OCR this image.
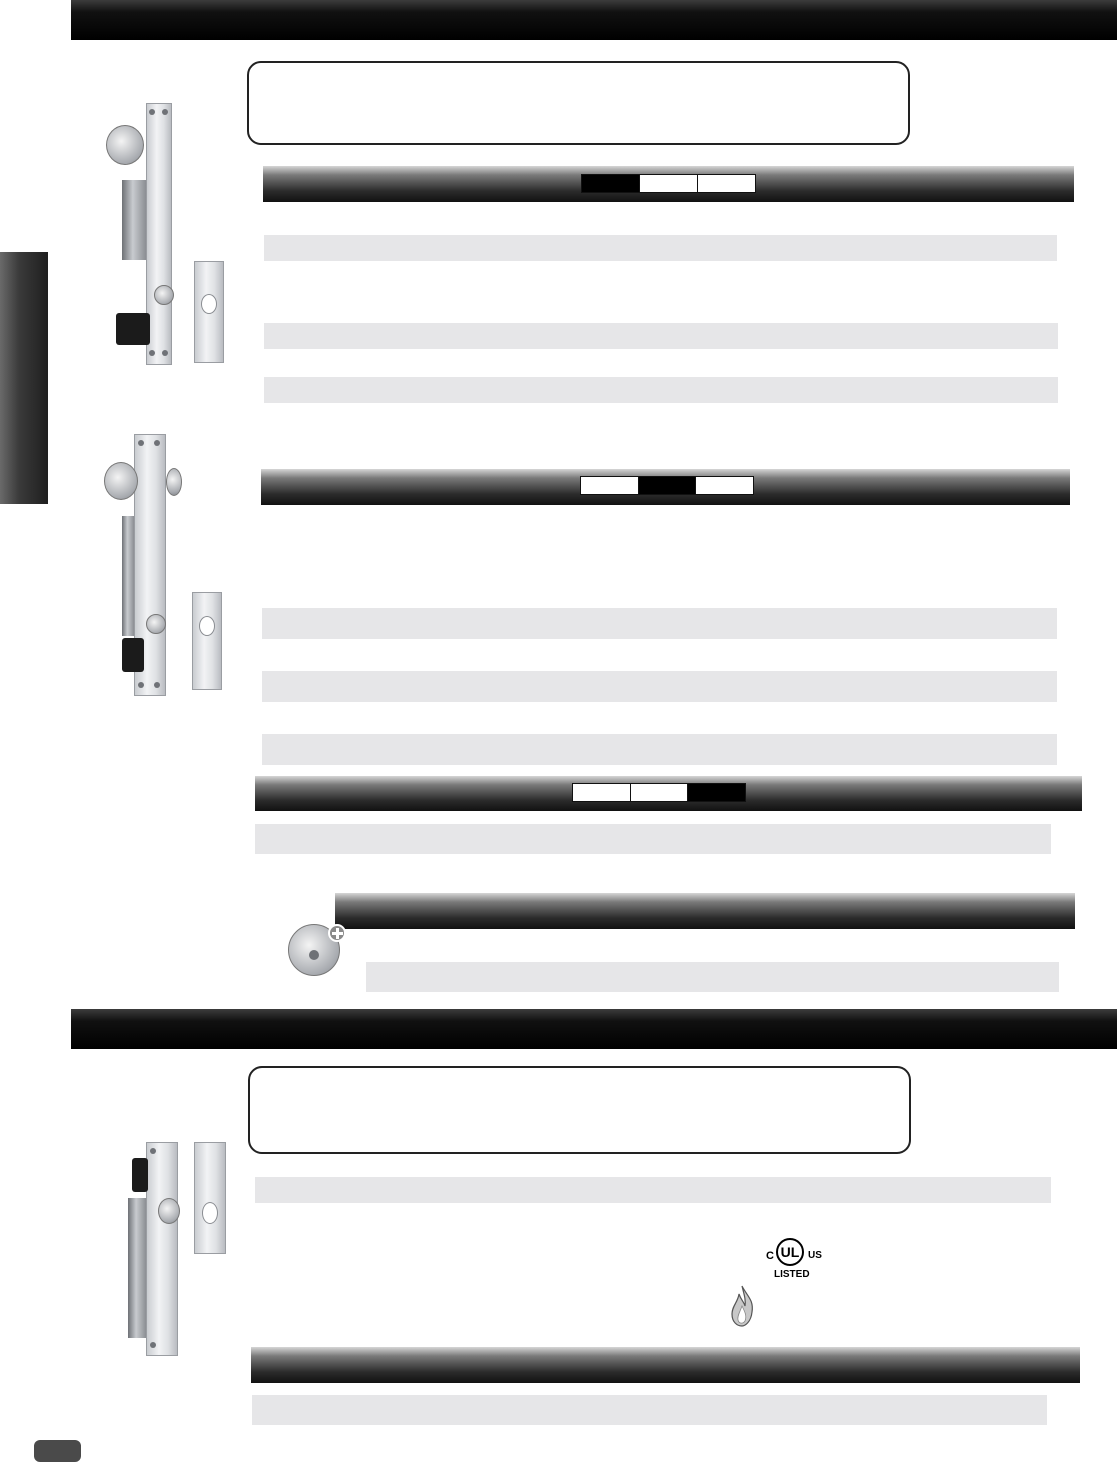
C UL US
LISTED
